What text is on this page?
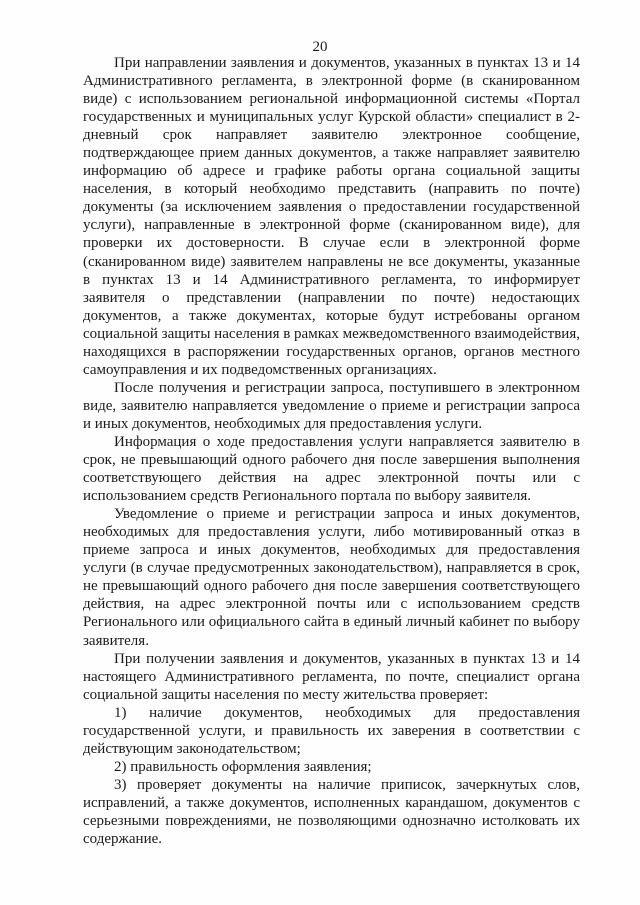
20

При направлении заявления и документов, указанных в пунктах 13 и 14 Административного регламента, в электронной форме (в сканированном виде) с использованием региональной информационной системы «Портал государственных и муниципальных услуг Курской области» специалист в 2-дневный срок направляет заявителю электронное сообщение, подтверждающее прием данных документов, а также направляет заявителю информацию об адресе и графике работы органа социальной защиты населения, в который необходимо представить (направить по почте) документы (за исключением заявления о предоставлении государственной услуги), направленные в электронной форме (сканированном виде), для проверки их достоверности. В случае если в электронной форме (сканированном виде) заявителем направлены не все документы, указанные в пунктах 13 и 14 Административного регламента, то информирует заявителя о представлении (направлении по почте) недостающих документов, а также документах, которые будут истребованы органом социальной защиты населения в рамках межведомственного взаимодействия, находящихся в распоряжении государственных органов, органов местного самоуправления и их подведомственных организациях.

После получения и регистрации запроса, поступившего в электронном виде, заявителю направляется уведомление о приеме и регистрации запроса и иных документов, необходимых для предоставления услуги.

Информация о ходе предоставления услуги направляется заявителю в срок, не превышающий одного рабочего дня после завершения выполнения соответствующего действия на адрес электронной почты или с использованием средств Регионального портала по выбору заявителя.

Уведомление о приеме и регистрации запроса и иных документов, необходимых для предоставления услуги, либо мотивированный отказ в приеме запроса и иных документов, необходимых для предоставления услуги (в случае предусмотренных законодательством), направляется в срок, не превышающий одного рабочего дня после завершения соответствующего действия, на адрес электронной почты или с использованием средств Регионального или официального сайта в единый личный кабинет по выбору заявителя.

При получении заявления и документов, указанных в пунктах 13 и 14 настоящего Административного регламента, по почте, специалист органа социальной защиты населения по месту жительства проверяет:

1) наличие документов, необходимых для предоставления государственной услуги, и правильность их заверения в соответствии с действующим законодательством;

2) правильность оформления заявления;

3) проверяет документы на наличие приписок, зачеркнутых слов, исправлений, а также документов, исполненных карандашом, документов с серьезными повреждениями, не позволяющими однозначно истолковать их содержание.
